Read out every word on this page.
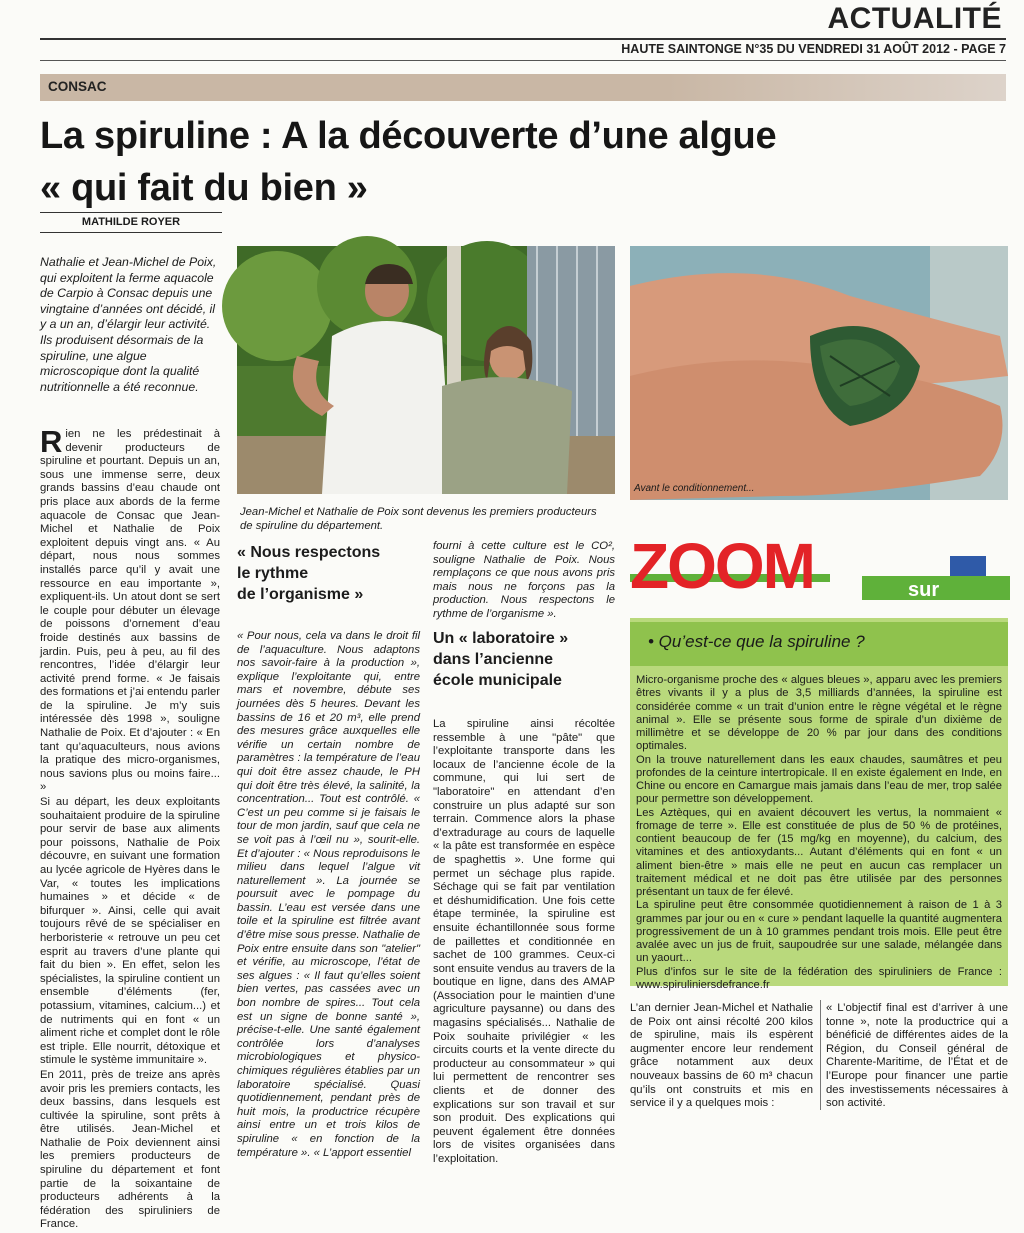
ACTUALITÉ
HAUTE SAINTONGE N°35 DU VENDREDI 31 AOÛT 2012 - PAGE 7
CONSAC
La spiruline : A la découverte d’une algue
« qui fait du bien »
MATHILDE ROYER
Nathalie et Jean-Michel de Poix, qui exploitent la ferme aquacole de Carpio à Consac depuis une vingtaine d’années ont décidé, il y a un an, d’élargir leur activité. Ils produisent désormais de la spiruline, une algue microscopique dont la qualité nutritionnelle a été reconnue.

Rien ne les prédestinait à devenir producteurs de spiruline et pourtant. Depuis un an, sous une immense serre, deux grands bassins d’eau chaude ont pris place aux abords de la ferme aquacole de Consac que Jean-Michel et Nathalie de Poix exploitent depuis vingt ans. « Au départ, nous nous sommes installés parce qu’il y avait une ressource en eau importante », expliquent-ils. Un atout dont se sert le couple pour débuter un élevage de poissons d’ornement d’eau froide destinés aux bassins de jardin. Puis, peu à peu, au fil des rencontres, l’idée d’élargir leur activité prend forme. « Je faisais des formations et j’ai entendu parler de la spiruline. Je m’y suis intéressée dès 1998 », souligne Nathalie de Poix. Et d’ajouter : « En tant qu’aquaculteurs, nous avions la pratique des micro-organismes, nous savions plus ou moins faire... »

Si au départ, les deux exploitants souhaitaient produire de la spiruline pour servir de base aux aliments pour poissons, Nathalie de Poix découvre, en suivant une formation au lycée agricole de Hyères dans le Var, « toutes les implications humaines » et décide « de bifurquer ». Ainsi, celle qui avait toujours rêvé de se spécialiser en herboristerie « retrouve un peu cet esprit au travers d’une plante qui fait du bien ». En effet, selon les spécialistes, la spiruline contient un ensemble d’éléments (fer, potassium, vitamines, calcium...) et de nutriments qui en font « un aliment riche et complet dont le rôle est triple. Elle nourrit, détoxique et stimule le système immunitaire ».

En 2011, près de treize ans après avoir pris les premiers contacts, les deux bassins, dans lesquels est cultivée la spiruline, sont prêts à être utilisés. Jean-Michel et Nathalie de Poix deviennent ainsi les premiers producteurs de spiruline du département et font partie de la soixantaine de producteurs adhérents à la fédération des spiruliniers de France.

Jean-Michel et Nathalie de Poix sont devenus les premiers producteurs de spiruline du département.
Avant le conditionnement...
« Nous respectons
le rythme
de l’organisme »
« Pour nous, cela va dans le droit fil de l’aquaculture. Nous adaptons nos savoir-faire à la production », explique l’exploitante qui, entre mars et novembre, débute ses journées dès 5 heures. Devant les bassins de 16 et 20 m³, elle prend des mesures grâce auxquelles elle vérifie un certain nombre de paramètres : la température de l’eau qui doit être assez chaude, le PH qui doit être très élevé, la salinité, la concentration... Tout est contrôlé. « C’est un peu comme si je faisais le tour de mon jardin, sauf que cela ne se voit pas à l’œil nu », sourit-elle. Et d’ajouter : « Nous reproduisons le milieu dans lequel l’algue vit naturellement ». La journée se poursuit avec le pompage du bassin. L’eau est versée dans une toile et la spiruline est filtrée avant d’être mise sous presse. Nathalie de Poix entre ensuite dans son "atelier" et vérifie, au microscope, l’état de ses algues : « Il faut qu’elles soient bien vertes, pas cassées avec un bon nombre de spires... Tout cela est un signe de bonne santé », précise-t-elle. Une santé également contrôlée lors d’analyses microbiologiques et physico-chimiques régulières établies par un laboratoire spécialisé. Quasi quotidiennement, pendant près de huit mois, la productrice récupère ainsi entre un et trois kilos de spiruline « en fonction de la température ». « L’apport essentiel
fourni à cette culture est le CO², souligne Nathalie de Poix. Nous remplaçons ce que nous avons pris mais nous ne forçons pas la production. Nous respectons le rythme de l’organisme ».
Un « laboratoire »
dans l’ancienne
école municipale
La spiruline ainsi récoltée ressemble à une "pâte" que l’exploitante transporte dans les locaux de l’ancienne école de la commune, qui lui sert de "laboratoire" en attendant d’en construire un plus adapté sur son terrain. Commence alors la phase d’extradurage au cours de laquelle « la pâte est transformée en espèce de spaghettis ». Une forme qui permet un séchage plus rapide. Séchage qui se fait par ventilation et déshumidification. Une fois cette étape terminée, la spiruline est ensuite échantillonnée sous forme de paillettes et conditionnée en sachet de 100 grammes. Ceux-ci sont ensuite vendus au travers de la boutique en ligne, dans des AMAP (Association pour le maintien d’une agriculture paysanne) ou dans des magasins spécialisés... Nathalie de Poix souhaite privilégier « les circuits courts et la vente directe du producteur au consommateur » qui lui permettent de rencontrer ses clients et de donner des explications sur son travail et sur son produit. Des explications qui peuvent également être données lors de visites organisées dans l’exploitation.
ZOOM	sur
• Qu’est-ce que la spiruline ?

Micro-organisme proche des « algues bleues », apparu avec les premiers êtres vivants il y a plus de 3,5 milliards d’années, la spiruline est considérée comme « un trait d’union entre le règne végétal et le règne animal ». Elle se présente sous forme de spirale d’un dixième de millimètre et se développe de 20 % par jour dans des conditions optimales.

On la trouve naturellement dans les eaux chaudes, saumâtres et peu profondes de la ceinture intertropicale. Il en existe également en Inde, en Chine ou encore en Camargue mais jamais dans l’eau de mer, trop salée pour permettre son développement.

Les Aztèques, qui en avaient découvert les vertus, la nommaient « fromage de terre ». Elle est constituée de plus de 50 % de protéines, contient beaucoup de fer (15 mg/kg en moyenne), du calcium, des vitamines et des antioxydants... Autant d’éléments qui en font « un aliment bien-être » mais elle ne peut en aucun cas remplacer un traitement médical et ne doit pas être utilisée par des personnes présentant un taux de fer élevé.

La spiruline peut être consommée quotidiennement à raison de 1 à 3 grammes par jour ou en « cure » pendant laquelle la quantité augmentera progressivement de un à 10 grammes pendant trois mois. Elle peut être avalée avec un jus de fruit, saupoudrée sur une salade, mélangée dans un yaourt...

Plus d’infos sur le site de la fédération des spiruliniers de France : www.spiruliniersdefrance.fr

L’an dernier Jean-Michel et Nathalie de Poix ont ainsi récolté 200 kilos de spiruline, mais ils espèrent augmenter encore leur rendement grâce notamment aux deux nouveaux bassins de 60 m³ chacun qu’ils ont construits et mis en service il y a quelques mois :
« L’objectif final est d’arriver à une tonne », note la productrice qui a bénéficié de différentes aides de la Région, du Conseil général de Charente-Maritime, de l’État et de l’Europe pour financer une partie des investissements nécessaires à son activité.
